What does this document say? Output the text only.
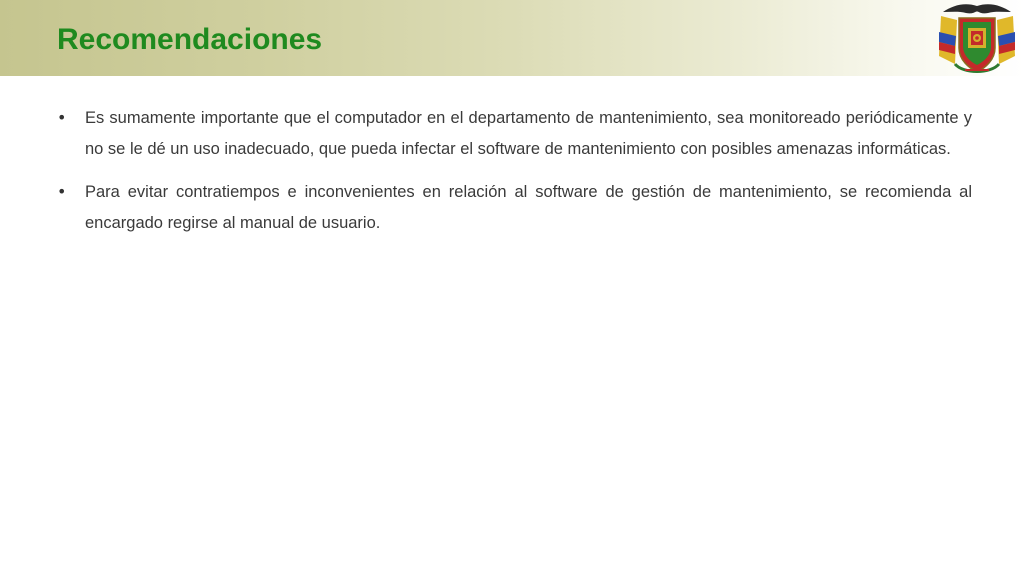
Recomendaciones
•	Es sumamente importante que el computador en el departamento de mantenimiento, sea monitoreado periódicamente y no se le dé un uso inadecuado, que pueda infectar el software de mantenimiento con posibles amenazas informáticas.

•	Para evitar contratiempos e inconvenientes en relación al software de gestión de mantenimiento, se recomienda al encargado regirse al manual de usuario.
